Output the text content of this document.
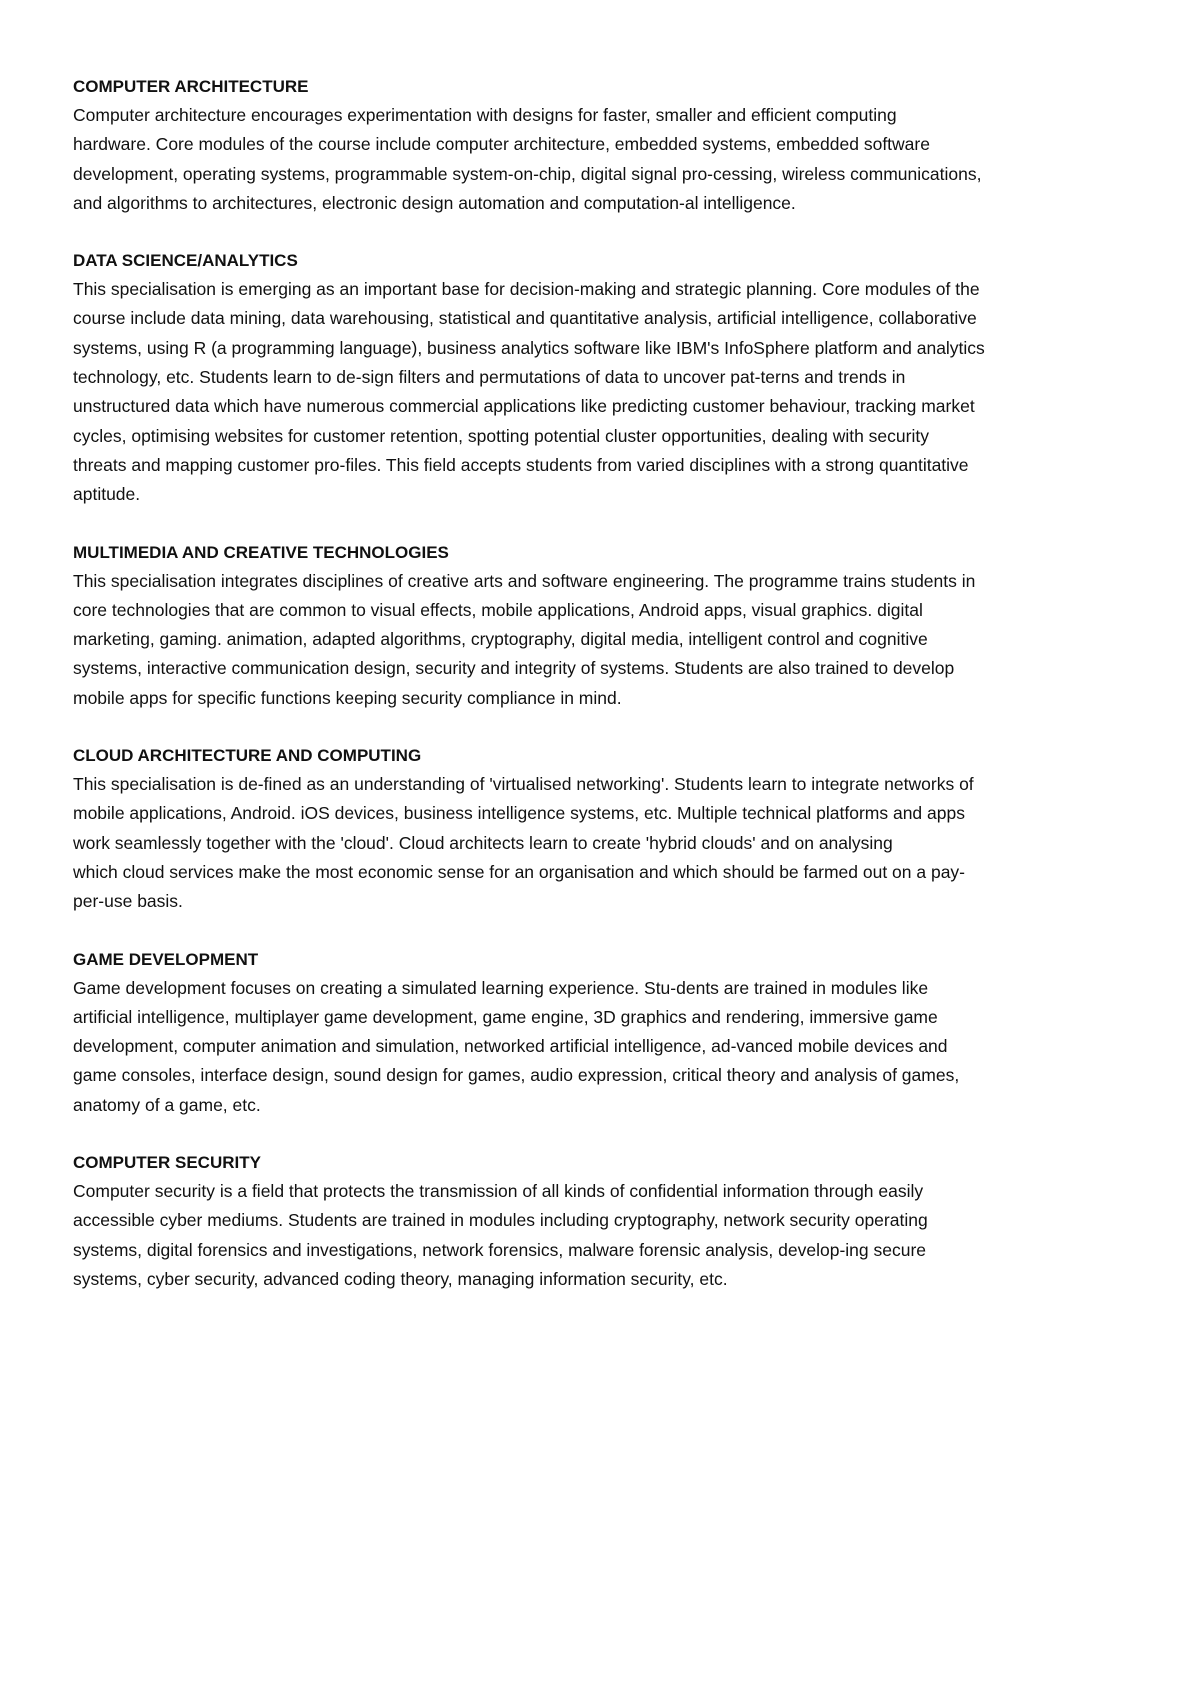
COMPUTER ARCHITECTURE
Computer architecture encourages experimentation with designs for faster, smaller and efficient computing
hardware. Core modules of the course include computer architecture, embedded systems, embedded software
development, operating systems, programmable system-on-chip, digital signal pro-cessing, wireless communications,
and algorithms to architectures, electronic design automation and computation-al intelligence.
DATA SCIENCE/ANALYTICS
This specialisation is emerging as an important base for decision-making and strategic planning. Core modules of the
course include data mining, data warehousing, statistical and quantitative analysis, artificial intelligence, collaborative
systems, using R (a programming language), business analytics software like IBM's InfoSphere platform and analytics
technology, etc. Students learn to de-sign filters and permutations of data to uncover pat-terns and trends in
unstructured data which have numerous commercial applications like predicting customer behaviour, tracking market
cycles, optimising websites for customer retention, spotting potential cluster opportunities, dealing with security
threats and mapping customer pro-files. This field accepts students from varied disciplines with a strong quantitative
aptitude.
MULTIMEDIA AND CREATIVE TECHNOLOGIES
This specialisation integrates disciplines of creative arts and software engineering. The programme trains students in
core technologies that are common to visual effects, mobile applications, Android apps, visual graphics. digital
marketing, gaming. animation, adapted algorithms, cryptography, digital media, intelligent control and cognitive
systems, interactive communication design, security and integrity of systems. Students are also trained to develop
mobile apps for specific functions keeping security compliance in mind.
CLOUD ARCHITECTURE AND COMPUTING
This specialisation is de-fined as an understanding of 'virtualised networking'. Students learn to integrate networks of
mobile applications, Android. iOS devices, business intelligence systems, etc. Multiple technical platforms and apps
work seamlessly together with the 'cloud'. Cloud architects learn to create 'hybrid clouds' and on analysing
which cloud services make the most economic sense for an organisation and which should be farmed out on a pay-
per-use basis.
GAME DEVELOPMENT
Game development focuses on creating a simulated learning experience. Stu-dents are trained in modules like
artificial intelligence, multiplayer game development, game engine, 3D graphics and rendering, immersive game
development, computer animation and simulation, networked artificial intelligence, ad-vanced mobile devices and
game consoles, interface design, sound design for games, audio expression, critical theory and analysis of games,
anatomy of a game, etc.
COMPUTER SECURITY
Computer security is a field that protects the transmission of all kinds of confidential information through easily
accessible cyber mediums. Students are trained in modules including cryptography, network security operating
systems, digital forensics and investigations, network forensics, malware forensic analysis, develop-ing secure
systems, cyber security, advanced coding theory, managing information security, etc.
